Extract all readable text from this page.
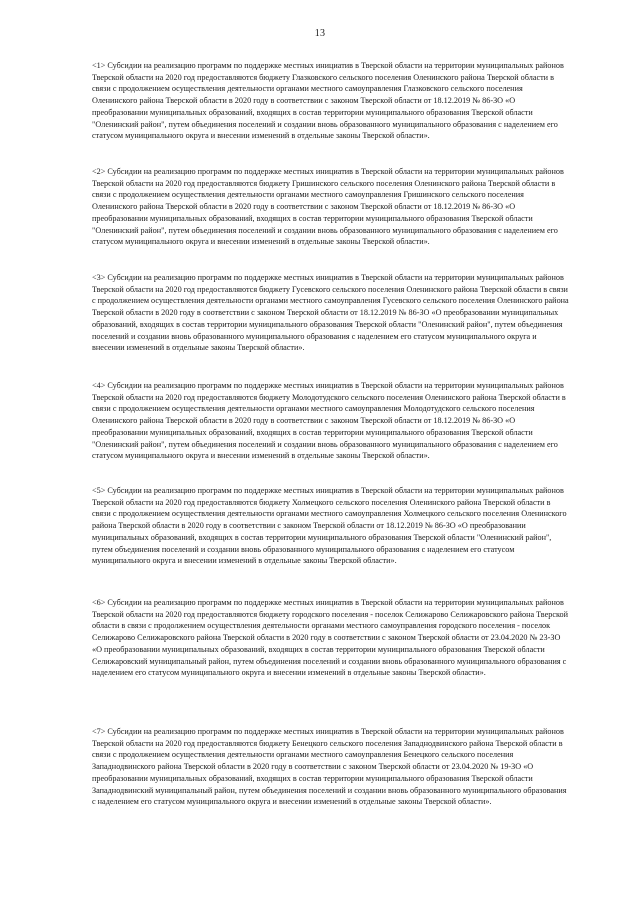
13

<1> Субсидии на реализацию программ по поддержке местных инициатив в Тверской области на территории муниципальных районов Тверской области на 2020 год предоставляются бюджету Глазковского сельского поселения Оленинского района Тверской области в связи с продолжением осуществления деятельности органами местного самоуправления Глазковского сельского поселения Оленинского района Тверской области в 2020 году в соответствии с законом Тверской области от 18.12.2019 № 86-ЗО «О преобразовании муниципальных образований, входящих в состав территории муниципального образования Тверской области "Оленинский район", путем объединения поселений и создании вновь образованного муниципального образования с наделением его статусом муниципального округа и внесении изменений в отдельные законы Тверской области».

<2> Субсидии на реализацию программ по поддержке местных инициатив в Тверской области на территории муниципальных районов Тверской области на 2020 год предоставляются бюджету Гришинского сельского поселения Оленинского района Тверской области в связи с продолжением осуществления деятельности органами местного самоуправления Гришинского сельского поселения Оленинского района Тверской области в 2020 году в соответствии с законом Тверской области от 18.12.2019 № 86-ЗО «О преобразовании муниципальных образований, входящих в состав территории муниципального образования Тверской области "Оленинский район", путем объединения поселений и создании вновь образованного муниципального образования с наделением его статусом муниципального округа и внесении изменений в отдельные законы Тверской области».

<3> Субсидии на реализацию программ по поддержке местных инициатив в Тверской области на территории муниципальных районов Тверской области на 2020 год предоставляются бюджету Гусевского сельского поселения Оленинского района Тверской области в связи с продолжением осуществления деятельности органами местного самоуправления Гусевского сельского поселения Оленинского района Тверской области в 2020 году в соответствии с законом Тверской области от 18.12.2019 № 86-ЗО «О преобразовании муниципальных образований, входящих в состав территории муниципального образования Тверской области "Оленинский район", путем объединения поселений и создании вновь образованного муниципального образования с наделением его статусом муниципального округа и внесении изменений в отдельные законы Тверской области».

<4> Субсидии на реализацию программ по поддержке местных инициатив в Тверской области на территории муниципальных районов Тверской области на 2020 год предоставляются бюджету Молодотудского сельского поселения Оленинского района Тверской области в связи с продолжением осуществления деятельности органами местного самоуправления Молодотудского сельского поселения Оленинского района Тверской области в 2020 году в соответствии с законом Тверской области от 18.12.2019 № 86-ЗО «О преобразовании муниципальных образований, входящих в состав территории муниципального образования Тверской области "Оленинский район", путем объединения поселений и создании вновь образованного муниципального образования с наделением его статусом муниципального округа и внесении изменений в отдельные законы Тверской области».

<5> Субсидии на реализацию программ по поддержке местных инициатив в Тверской области на территории муниципальных районов Тверской области на 2020 год предоставляются бюджету Холмецкого сельского поселения Оленинского района Тверской области в связи с продолжением осуществления деятельности органами местного самоуправления Холмецкого сельского поселения Оленинского района Тверской области в 2020 году в соответствии с законом Тверской области от 18.12.2019 № 86-ЗО «О преобразовании муниципальных образований, входящих в состав территории муниципального образования Тверской области "Оленинский район", путем объединения поселений и создании вновь образованного муниципального образования с наделением его статусом муниципального округа и внесении изменений в отдельные законы Тверской области».

<6> Субсидии на реализацию программ по поддержке местных инициатив в Тверской области на территории муниципальных районов Тверской области на 2020 год предоставляются бюджету городского поселения - поселок Селижарово Селижаровского района Тверской области в связи с продолжением осуществления деятельности органами местного самоуправления городского поселения - поселок Селижарово Селижаровского района Тверской области в 2020 году в соответствии с законом Тверской области от 23.04.2020 № 23-ЗО «О преобразовании муниципальных образований, входящих в состав территории муниципального образования Тверской области Селижаровский муниципальный район, путем объединения поселений и создании вновь образованного муниципального образования с наделением его статусом муниципального округа и внесении изменений в отдельные законы Тверской области».

<7> Субсидии на реализацию программ по поддержке местных инициатив в Тверской области на территории муниципальных районов Тверской области на 2020 год предоставляются бюджету Бенецкого сельского поселения Западнодвинского района Тверской области в связи с продолжением осуществления деятельности органами местного самоуправления Бенецкого сельского поселения Западнодвинского района Тверской области в 2020 году в соответствии с законом Тверской области от 23.04.2020 № 19-ЗО «О преобразовании муниципальных образований, входящих в состав территории муниципального образования Тверской области Западнодвинский муниципальный район, путем объединения поселений и создании вновь образованного муниципального образования с наделением его статусом муниципального округа и внесении изменений в отдельные законы Тверской области».
